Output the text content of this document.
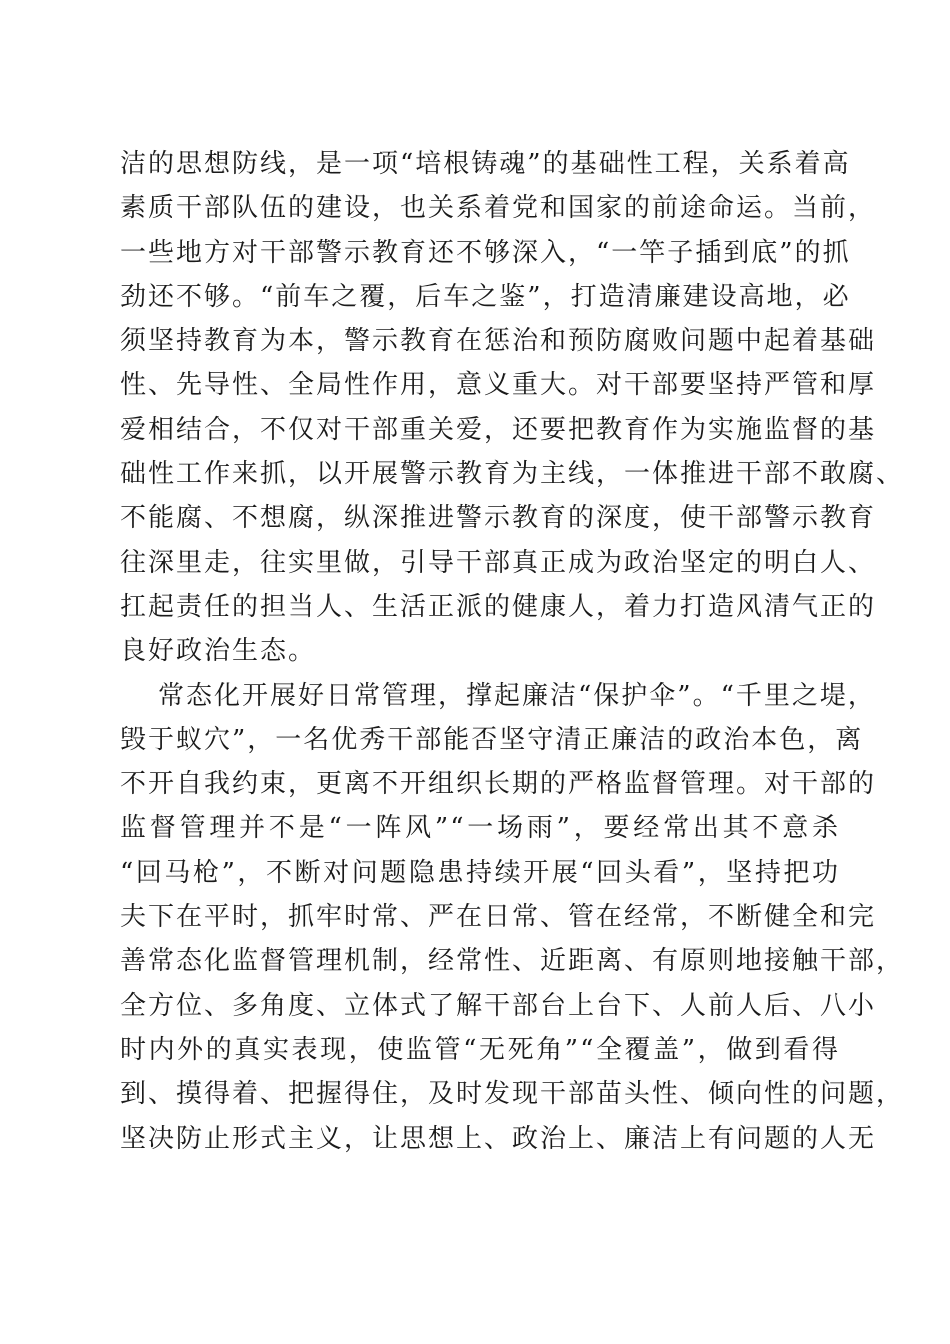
洁的思想防线，是一项“培根铸魂”的基础性工程，关系着高
素质干部队伍的建设，也关系着党和国家的前途命运。当前，
一些地方对干部警示教育还不够深入，“一竿子插到底”的抓
劲还不够。“前车之覆，后车之鉴”，打造清廉建设高地，必
须坚持教育为本，警示教育在惩治和预防腐败问题中起着基础
性、先导性、全局性作用，意义重大。对干部要坚持严管和厚
爱相结合，不仅对干部重关爱，还要把教育作为实施监督的基
础性工作来抓，以开展警示教育为主线，一体推进干部不敢腐、
不能腐、不想腐，纵深推进警示教育的深度，使干部警示教育
往深里走，往实里做，引导干部真正成为政治坚定的明白人、
扛起责任的担当人、生活正派的健康人，着力打造风清气正的
良好政治生态。
常态化开展好日常管理，撑起廉洁“保护伞”。“千里之堤，
毁于蚁穴”，一名优秀干部能否坚守清正廉洁的政治本色，离
不开自我约束，更离不开组织长期的严格监督管理。对干部的
监督管理并不是“一阵风”“一场雨”，要经常出其不意杀
“回马枪”，不断对问题隐患持续开展“回头看”，坚持把功
夫下在平时，抓牢时常、严在日常、管在经常，不断健全和完
善常态化监督管理机制，经常性、近距离、有原则地接触干部，
全方位、多角度、立体式了解干部台上台下、人前人后、八小
时内外的真实表现，使监管“无死角”“全覆盖”，做到看得
到、摸得着、把握得住，及时发现干部苗头性、倾向性的问题，
坚决防止形式主义，让思想上、政治上、廉洁上有问题的人无
